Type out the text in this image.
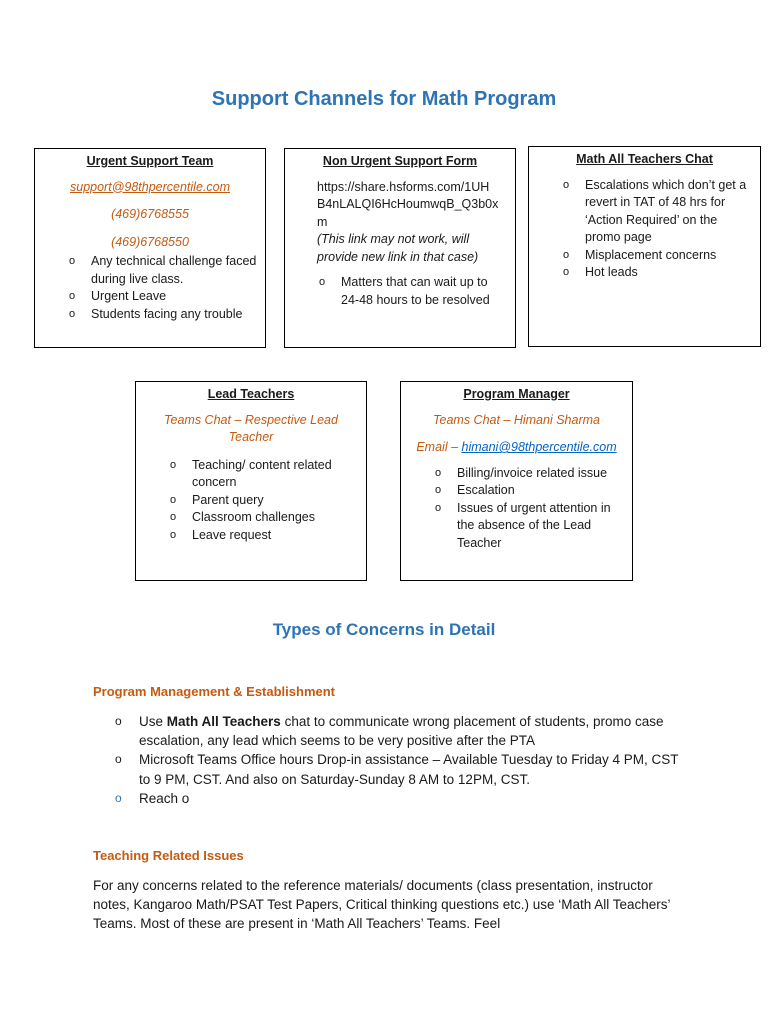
Support Channels for Math Program
Urgent Support Team
support@98thpercentile.com
(469)6768555
(469)6768550
o Any technical challenge faced during live class.
o Urgent Leave
o Students facing any trouble
Non Urgent Support Form
https://share.hsforms.com/1UH
B4nLALQI6HcHoumwqB_Q3b0x
m
(This link may not work, will provide new link in that case)
o Matters that can wait up to 24-48 hours to be resolved
Math All Teachers Chat
o Escalations which don’t get a revert in TAT of 48 hrs for ‘Action Required’ on the promo page
o Misplacement concerns
o Hot leads
Lead Teachers
Teams Chat – Respective Lead Teacher
o Teaching/ content related concern
o Parent query
o Classroom challenges
o Leave request
Program Manager
Teams Chat – Himani Sharma
Email – himani@98thpercentile.com
o Billing/invoice related issue
o Escalation
o Issues of urgent attention in the absence of the Lead Teacher
Types of Concerns in Detail
Program Management & Establishment
o Use Math All Teachers chat to communicate wrong placement of students, promo case escalation, any lead which seems to be very positive after the PTA
o Microsoft Teams Office hours Drop-in assistance – Available Tuesday to Friday 4 PM, CST to 9 PM, CST. And also on Saturday-Sunday 8 AM to 12PM, CST.
o Reach o
Teaching Related Issues

For any concerns related to the reference materials/ documents (class presentation, instructor notes, Kangaroo Math/PSAT Test Papers, Critical thinking questions etc.) use ‘Math All Teachers’ Teams. Most of these are present in ‘Math All Teachers’ Teams. Feel
